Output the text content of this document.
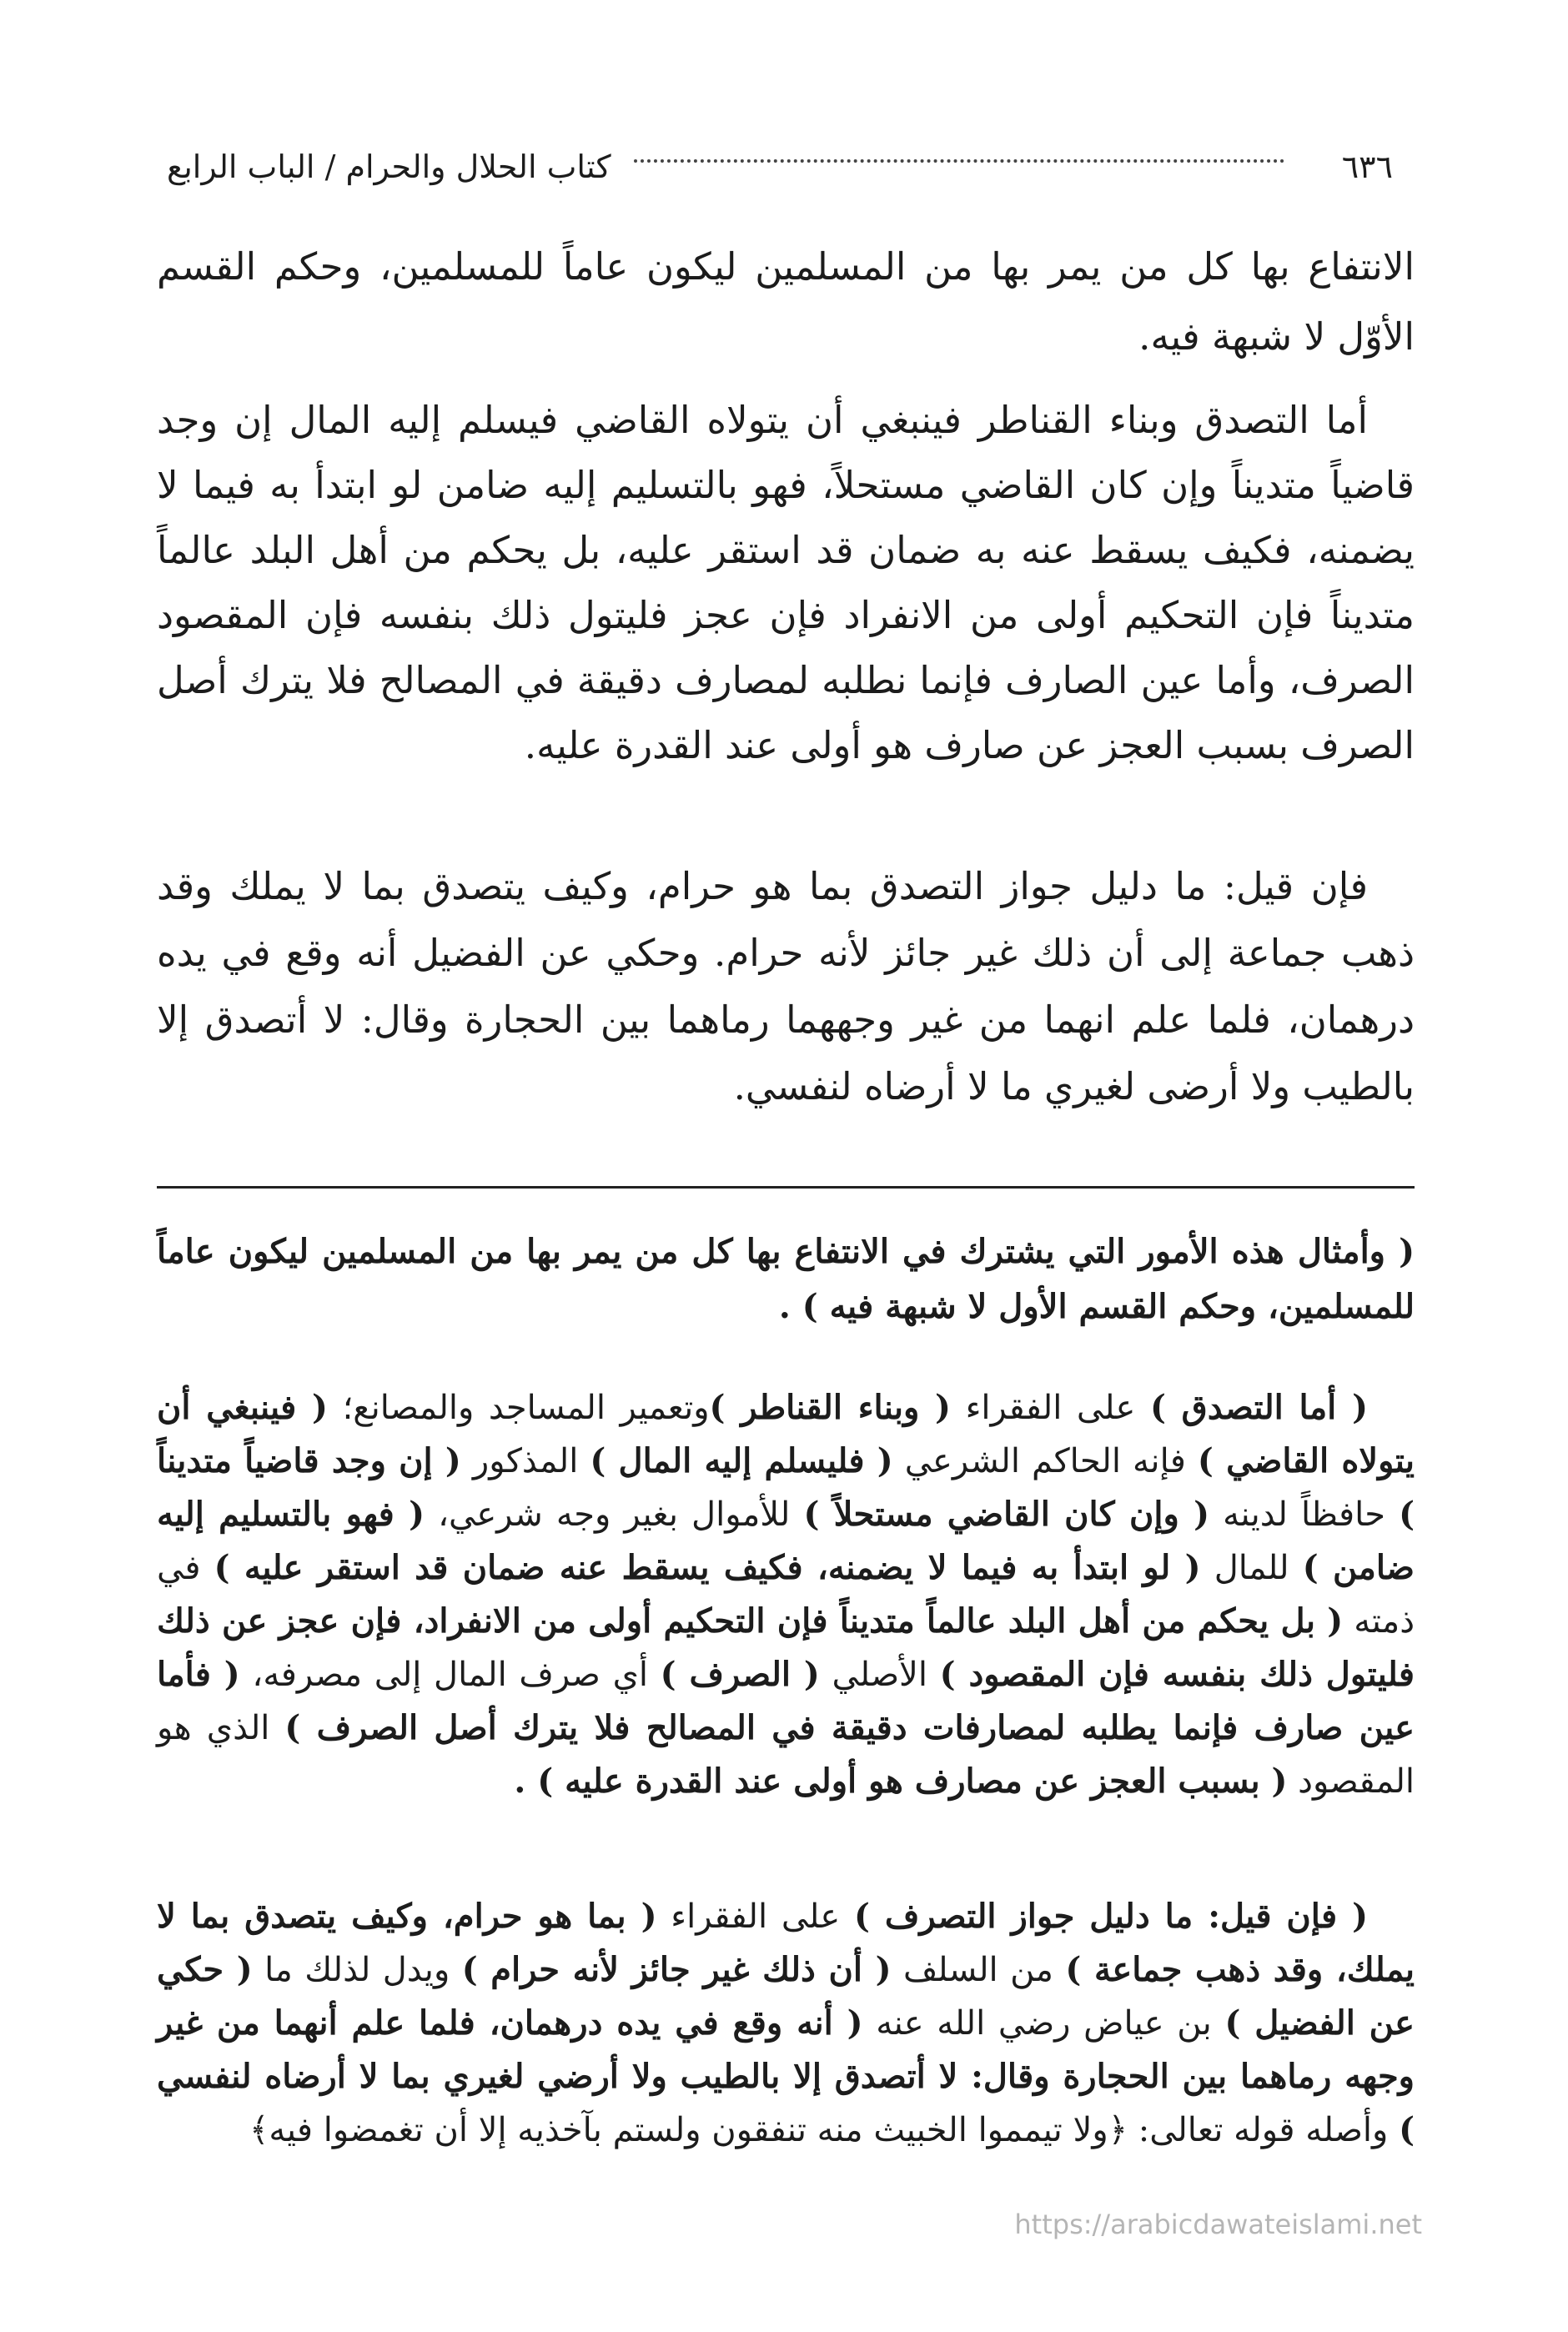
٦٣٦
كتاب الحلال والحرام / الباب الرابع

الانتفاع بها كل من يمر بها من المسلمين ليكون عاماً للمسلمين، وحكم القسم الأوّل لا شبهة فيه.

أما التصدق وبناء القناطر فينبغي أن يتولاه القاضي فيسلم إليه المال إن وجد قاضياً متديناً وإن كان القاضي مستحلاً، فهو بالتسليم إليه ضامن لو ابتدأ به فيما لا يضمنه، فكيف يسقط عنه به ضمان قد استقر عليه، بل يحكم من أهل البلد عالماً متديناً فإن التحكيم أولى من الانفراد فإن عجز فليتول ذلك بنفسه فإن المقصود الصرف، وأما عين الصارف فإنما نطلبه لمصارف دقيقة في المصالح فلا يترك أصل الصرف بسبب العجز عن صارف هو أولى عند القدرة عليه.

فإن قيل: ما دليل جواز التصدق بما هو حرام، وكيف يتصدق بما لا يملك وقد ذهب جماعة إلى أن ذلك غير جائز لأنه حرام. وحكي عن الفضيل أنه وقع في يده درهمان، فلما علم انهما من غير وجههما رماهما بين الحجارة وقال: لا أتصدق إلا بالطيب ولا أرضى لغيري ما لا أرضاه لنفسي.

( وأمثال هذه الأمور التي يشترك في الانتفاع بها كل من يمر بها من المسلمين ليكون عاماً للمسلمين، وحكم القسم الأول لا شبهة فيه ) .

( أما التصدق ) على الفقراء ( وبناء القناطر )وتعمير المساجد والمصانع؛ ( فينبغي أن يتولاه القاضي ) فإنه الحاكم الشرعي ( فليسلم إليه المال ) المذكور ( إن وجد قاضياً متديناً ) حافظاً لدينه ( وإن كان القاضي مستحلاً ) للأموال بغير وجه شرعي، ( فهو بالتسليم إليه ضامن ) للمال ( لو ابتدأ به فيما لا يضمنه، فكيف يسقط عنه ضمان قد استقر عليه ) في ذمته ( بل يحكم من أهل البلد عالماً متديناً فإن التحكيم أولى من الانفراد، فإن عجز عن ذلك فليتول ذلك بنفسه فإن المقصود ) الأصلي ( الصرف ) أي صرف المال إلى مصرفه، ( فأما عين صارف فإنما يطلبه لمصارفات دقيقة في المصالح فلا يترك أصل الصرف ) الذي هو المقصود ( بسبب العجز عن مصارف هو أولى عند القدرة عليه ) .

( فإن قيل: ما دليل جواز التصرف ) على الفقراء ( بما هو حرام، وكيف يتصدق بما لا يملك، وقد ذهب جماعة ) من السلف ( أن ذلك غير جائز لأنه حرام ) ويدل لذلك ما ( حكي عن الفضيل ) بن عياض رضي الله عنه ( أنه وقع في يده درهمان، فلما علم أنهما من غير وجهه رماهما بين الحجارة وقال: لا أتصدق إلا بالطيب ولا أرضي لغيري بما لا أرضاه لنفسي ) وأصله قوله تعالى: ﴿ولا تيمموا الخبيث منه تنفقون ولستم بآخذيه إلا أن تغمضوا فيه﴾

https://arabicdawateislami.net
